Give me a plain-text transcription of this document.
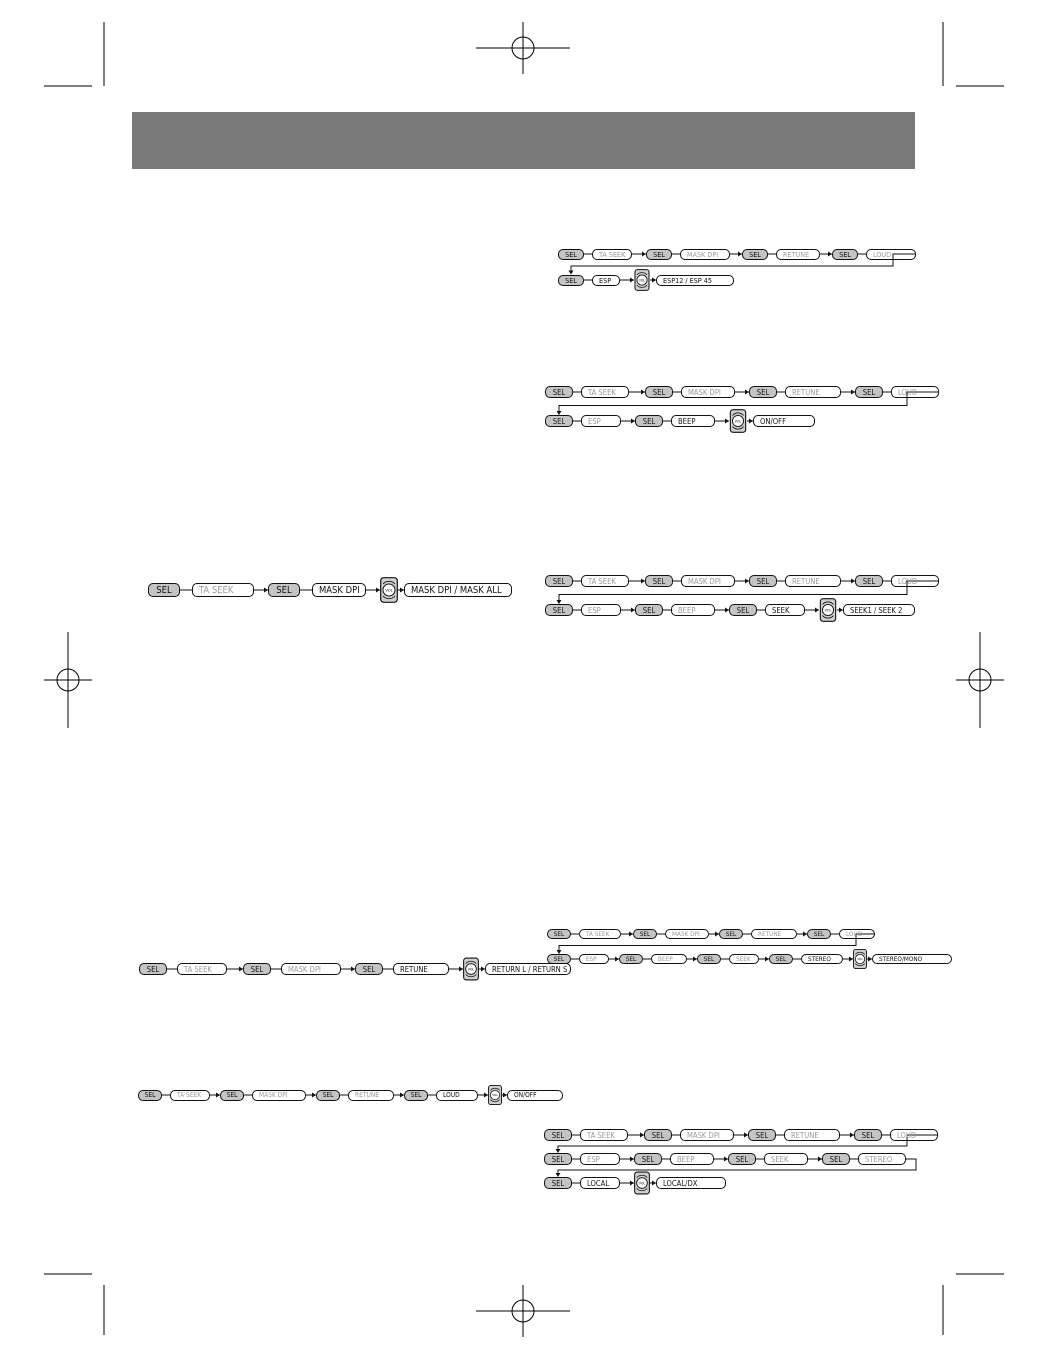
SEL	TA SEEK	SEL	MASK DPI	SEL	RETUNE	SEL	LOUD
SEL	ESP	VOL	ESP12 / ESP 45
SEL	TA SEEK	SEL	MASK DPI	SEL	RETUNE	SEL	LOUD
SEL	ESP	SEL	BEEP	VOL	ON/OFF
SEL	TA SEEK	SEL	MASK DPI	VOL	MASK DPI / MASK ALL
SEL	TA SEEK	SEL	MASK DPI	SEL	RETUNE	SEL	LOUD
SEL	ESP	SEL	BEEP	SEL	SEEK	VOL	SEEK1 / SEEK 2
SEL	TA SEEK	SEL	MASK DPI	SEL	RETUNE	SEL	LOUD
SEL	ESP	SEL	BEEP	SEL	SEEK	SEL	STEREO	VOL	STEREO/MONO
SEL	TA SEEK	SEL	MASK DPI	SEL	RETUNE	VOL	RETURN L / RETURN S
SEL	TA SEEK	SEL	MASK DPI	SEL	RETUNE	SEL	LOUD	VOL	ON/OFF
SEL	TA SEEK	SEL	MASK DPI	SEL	RETUNE	SEL	LOUD
SEL	ESP	SEL	BEEP	SEL	SEEK	SEL	STEREO
SEL	LOCAL	VOL	LOCAL/DX
